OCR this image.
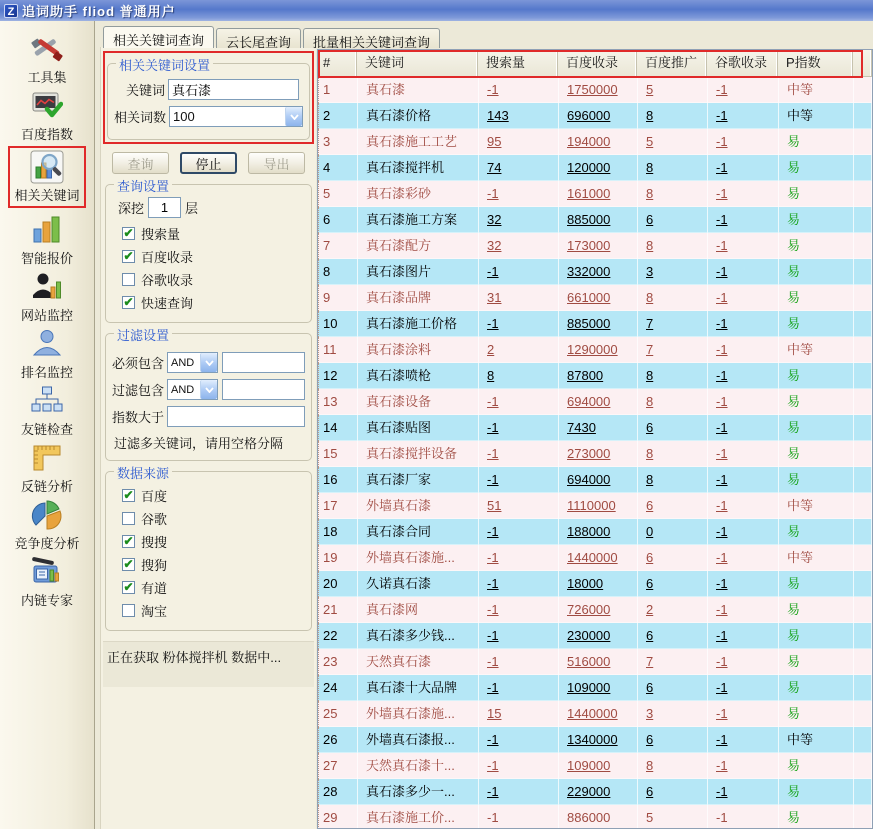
Z 追词助手 fliod 普通用户
工具集
百度指数
相关关键词
智能报价
网站监控
排名监控
友链检查
反链分析
竞争度分析
内链专家
相关关键词查询	云长尾查询	批量相关关键词查询
相关关键词设置
关键词
真石漆
相关词数 100
查询	停止	导出
查询设置
深挖
1	层
✔ 搜索量
✔ 百度收录
谷歌收录
✔ 快速查询
过滤设置
必须包含 AND
过滤包含 AND
指数大于
过滤多关键词，请用空格分隔
数据来源
✔ 百度
谷歌
✔ 搜搜
✔ 搜狗
✔ 有道
淘宝
正在获取 粉体搅拌机 数据中...
#	关键词	搜索量	百度收录	百度推广	谷歌收录	P指数
1	真石漆	-1	1750000	5	-1	中等
2	真石漆价格	143	696000	8	-1	中等
3	真石漆施工工艺	95	194000	5	-1	易
4	真石漆搅拌机	74	120000	8	-1	易
5	真石漆彩砂	-1	161000	8	-1	易
6	真石漆施工方案	32	885000	6	-1	易
7	真石漆配方	32	173000	8	-1	易
8	真石漆图片	-1	332000	3	-1	易
9	真石漆品牌	31	661000	8	-1	易
10	真石漆施工价格	-1	885000	7	-1	易
11	真石漆涂料	2	1290000	7	-1	中等
12	真石漆喷枪	8	87800	8	-1	易
13	真石漆设备	-1	694000	8	-1	易
14	真石漆贴图	-1	7430	6	-1	易
15	真石漆搅拌设备	-1	273000	8	-1	易
16	真石漆厂家	-1	694000	8	-1	易
17	外墙真石漆	51	1110000	6	-1	中等
18	真石漆合同	-1	188000	0	-1	易
19	外墙真石漆施...	-1	1440000	6	-1	中等
20	久诺真石漆	-1	18000	6	-1	易
21	真石漆网	-1	726000	2	-1	易
22	真石漆多少钱...	-1	230000	6	-1	易
23	天然真石漆	-1	516000	7	-1	易
24	真石漆十大品牌	-1	109000	6	-1	易
25	外墙真石漆施...	15	1440000	3	-1	易
26	外墙真石漆报...	-1	1340000	6	-1	中等
27	天然真石漆十...	-1	109000	8	-1	易
28	真石漆多少一...	-1	229000	6	-1	易
29	真石漆施工价...	-1	886000	5	-1	易
